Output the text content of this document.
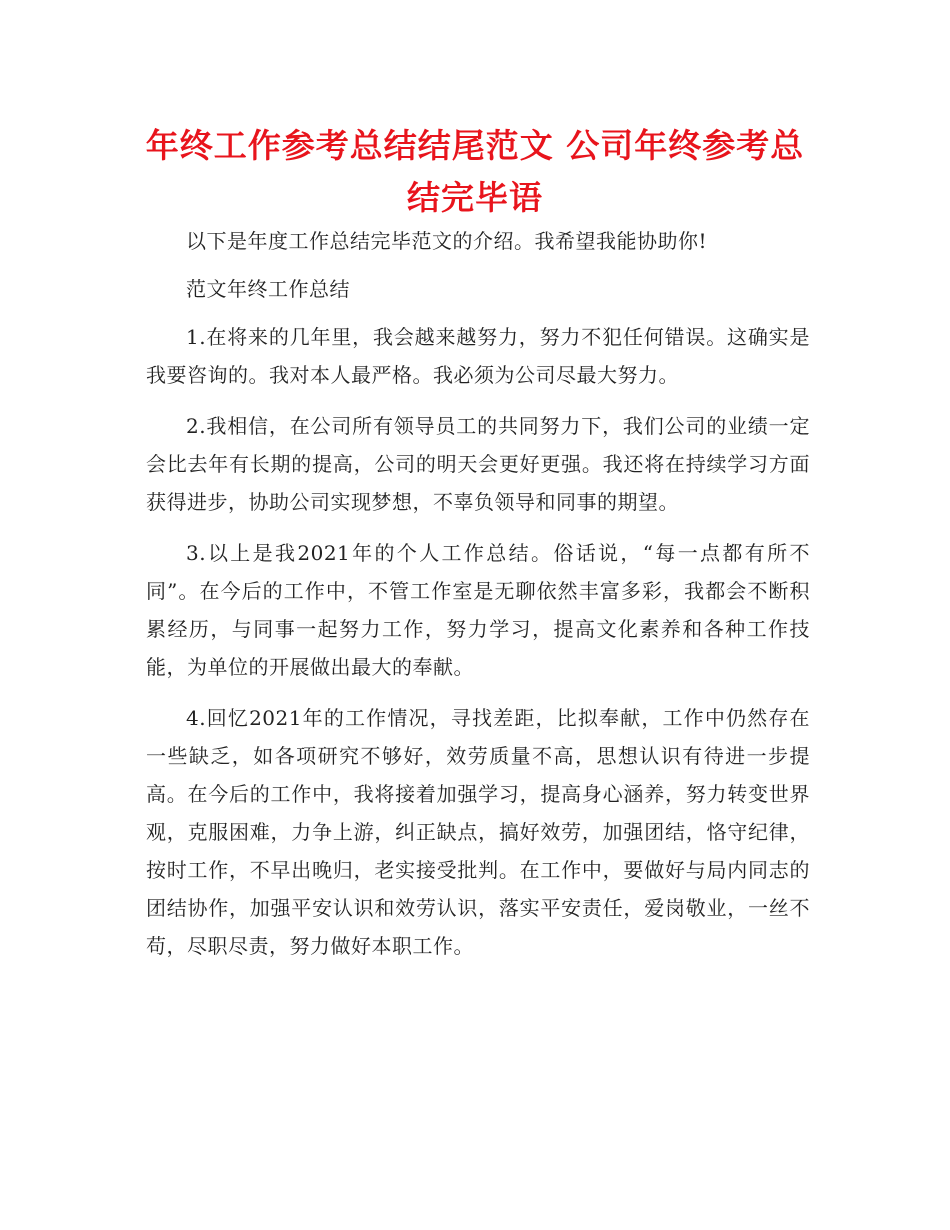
年终工作参考总结结尾范文 公司年终参考总结完毕语

以下是年度工作总结完毕范文的介绍。我希望我能协助你!

范文年终工作总结

1.在将来的几年里，我会越来越努力，努力不犯任何错误。这确实是我要咨询的。我对本人最严格。我必须为公司尽最大努力。

2.我相信，在公司所有领导员工的共同努力下，我们公司的业绩一定会比去年有长期的提高，公司的明天会更好更强。我还将在持续学习方面获得进步，协助公司实现梦想，不辜负领导和同事的期望。

3.以上是我2021年的个人工作总结。俗话说，“每一点都有所不同”。在今后的工作中，不管工作室是无聊依然丰富多彩，我都会不断积累经历，与同事一起努力工作，努力学习，提高文化素养和各种工作技能，为单位的开展做出最大的奉献。

4.回忆2021年的工作情况，寻找差距，比拟奉献，工作中仍然存在一些缺乏，如各项研究不够好，效劳质量不高，思想认识有待进一步提高。在今后的工作中，我将接着加强学习，提高身心涵养，努力转变世界观，克服困难，力争上游，纠正缺点，搞好效劳，加强团结，恪守纪律，按时工作，不早出晚归，老实接受批判。在工作中，要做好与局内同志的团结协作，加强平安认识和效劳认识，落实平安责任，爱岗敬业，一丝不苟，尽职尽责，努力做好本职工作。
